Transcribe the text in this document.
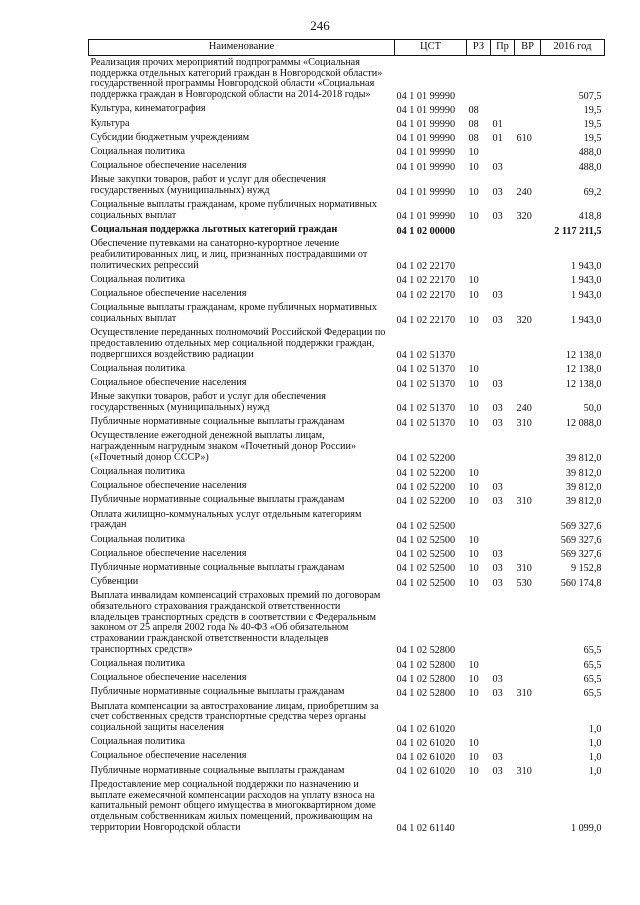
246
Наименование	ЦСТ	РЗ	Пр	ВР	2016 год
Реализация прочих мероприятий подпрограммы «Социальная поддержка отдельных категорий граждан в Новгородской области» государственной программы Новгородской области «Социальная поддержка граждан в Новгородской области на 2014-2018 годы»	04 1 01 99990				507,5
Культура, кинематография	04 1 01 99990	08			19,5
Культура	04 1 01 99990	08	01		19,5
Субсидии бюджетным учреждениям	04 1 01 99990	08	01	610	19,5
Социальная политика	04 1 01 99990	10			488,0
Социальное обеспечение населения	04 1 01 99990	10	03		488,0
Иные закупки товаров, работ и услуг для обеспечения государственных (муниципальных) нужд	04 1 01 99990	10	03	240	69,2
Социальные выплаты гражданам, кроме публичных нормативных социальных выплат	04 1 01 99990	10	03	320	418,8
Социальная поддержка льготных категорий граждан	04 1 02 00000				2 117 211,5
Обеспечение путевками на санаторно-курортное лечение реабилитированных лиц, и лиц, признанных пострадавшими от политических репрессий	04 1 02 22170				1 943,0
Социальная политика	04 1 02 22170	10			1 943,0
Социальное обеспечение населения	04 1 02 22170	10	03		1 943,0
Социальные выплаты гражданам, кроме публичных нормативных социальных выплат	04 1 02 22170	10	03	320	1 943,0
Осуществление переданных полномочий Российской Федерации по предоставлению отдельных мер социальной поддержки граждан, подвергшихся воздействию радиации	04 1 02 51370				12 138,0
Социальная политика	04 1 02 51370	10			12 138,0
Социальное обеспечение населения	04 1 02 51370	10	03		12 138,0
Иные закупки товаров, работ и услуг для обеспечения государственных (муниципальных) нужд	04 1 02 51370	10	03	240	50,0
Публичные нормативные социальные выплаты гражданам	04 1 02 51370	10	03	310	12 088,0
Осуществление ежегодной денежной выплаты лицам, награжденным нагрудным знаком «Почетный донор России» («Почетный донор СССР»)	04 1 02 52200				39 812,0
Социальная политика	04 1 02 52200	10			39 812,0
Социальное обеспечение населения	04 1 02 52200	10	03		39 812,0
Публичные нормативные социальные выплаты гражданам	04 1 02 52200	10	03	310	39 812,0
Оплата жилищно-коммунальных услуг отдельным категориям граждан	04 1 02 52500				569 327,6
Социальная политика	04 1 02 52500	10			569 327,6
Социальное обеспечение населения	04 1 02 52500	10	03		569 327,6
Публичные нормативные социальные выплаты гражданам	04 1 02 52500	10	03	310	9 152,8
Субвенции	04 1 02 52500	10	03	530	560 174,8
Выплата инвалидам компенсаций страховых премий по договорам обязательного страхования гражданской ответственности владельцев транспортных средств в соответствии с Федеральным законом от 25 апреля 2002 года № 40-ФЗ «Об обязательном страховании гражданской ответственности владельцев транспортных средств»	04 1 02 52800				65,5
Социальная политика	04 1 02 52800	10			65,5
Социальное обеспечение населения	04 1 02 52800	10	03		65,5
Публичные нормативные социальные выплаты гражданам	04 1 02 52800	10	03	310	65,5
Выплата компенсации за автострахование лицам, приобретшим за счет собственных средств транспортные средства через органы социальной защиты населения	04 1 02 61020				1,0
Социальная политика	04 1 02 61020	10			1,0
Социальное обеспечение населения	04 1 02 61020	10	03		1,0
Публичные нормативные социальные выплаты гражданам	04 1 02 61020	10	03	310	1,0
Предоставление мер социальной поддержки по назначению и выплате ежемесячной компенсации расходов на уплату взноса на капитальный ремонт общего имущества в многоквартирном доме отдельным собственникам жилых помещений, проживающим на территории Новгородской области	04 1 02 61140				1 099,0
